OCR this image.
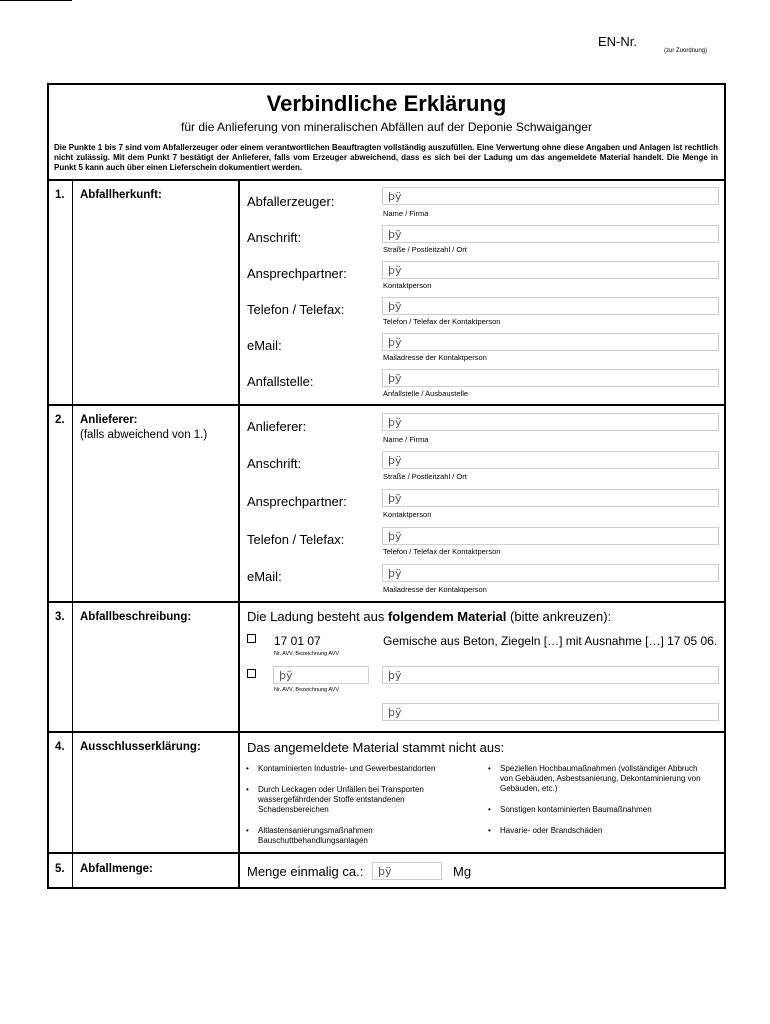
EN-Nr.
(zur Zuordnung)
Verbindliche Erklärung
für die Anlieferung von mineralischen Abfällen auf der Deponie Schwaiganger
Die Punkte 1 bis 7 sind vom Abfallerzeuger oder einem verantwortlichen Beauftragten vollständig auszufüllen. Eine Verwertung ohne diese Angaben und Anlagen ist rechtlich nicht zulässig. Mit dem Punkt 7 bestätigt der Anlieferer, falls vom Erzeuger abweichend, dass es sich bei der Ladung um das angemeldete Material handelt. Die Menge in Punkt 5 kann auch über einen Lieferschein dokumentiert werden.
1. Abfallherkunft:	Abfallerzeuger:	þÿ
Name / Firma
Anschrift:	þÿ
Straße / Postleitzahl / Ort
Ansprechpartner:	þÿ
Kontaktperson
Telefon / Telefax:	þÿ
Telefon / Telefax der Kontaktperson
eMail:	þÿ
Mailadresse der Kontaktperson
Anfallstelle:	þÿ
Anfallstelle / Ausbaustelle
2. Anlieferer:
(falls abweichend von 1.)
Anlieferer:	þÿ
Name / Firma
Anschrift:	þÿ
Straße / Postleitzahl / Ort
Ansprechpartner:	þÿ
Kontaktperson
Telefon / Telefax:	þÿ
Telefon / Telefax der Kontaktperson
eMail:	þÿ
Mailadresse der Kontaktperson
3. Abfallbeschreibung:	Die Ladung besteht aus folgendem Material (bitte ankreuzen):
17 01 07	Gemische aus Beton, Ziegeln […] mit Ausnahme […] 17 05 06.
Nr. AVV, Bezeichnung AVV
þÿ	þÿ
Nr. AVV, Bezeichnung AVV
þÿ
4. Ausschlusserklärung:	Das angemeldete Material stammt nicht aus:
• Kontaminierten Industrie- und Gewerbestandorten
• Durch Leckagen oder Unfällen bei Transporten wassergefährdender Stoffe entstandenen Schadensbereichen
• Altlastensanierungsmaßnahmen Bauschuttbehandlungsanlagen
• Speziellen Hochbaumaßnahmen (vollständiger Abbruch von Gebäuden, Asbestsanierung, Dekontaminierung von Gebäuden, etc.)
• Sonstigen kontaminierten Baumaßnahmen
• Havarie- oder Brandschäden
5. Abfallmenge:	Menge einmalig ca.:	þÿ	Mg
